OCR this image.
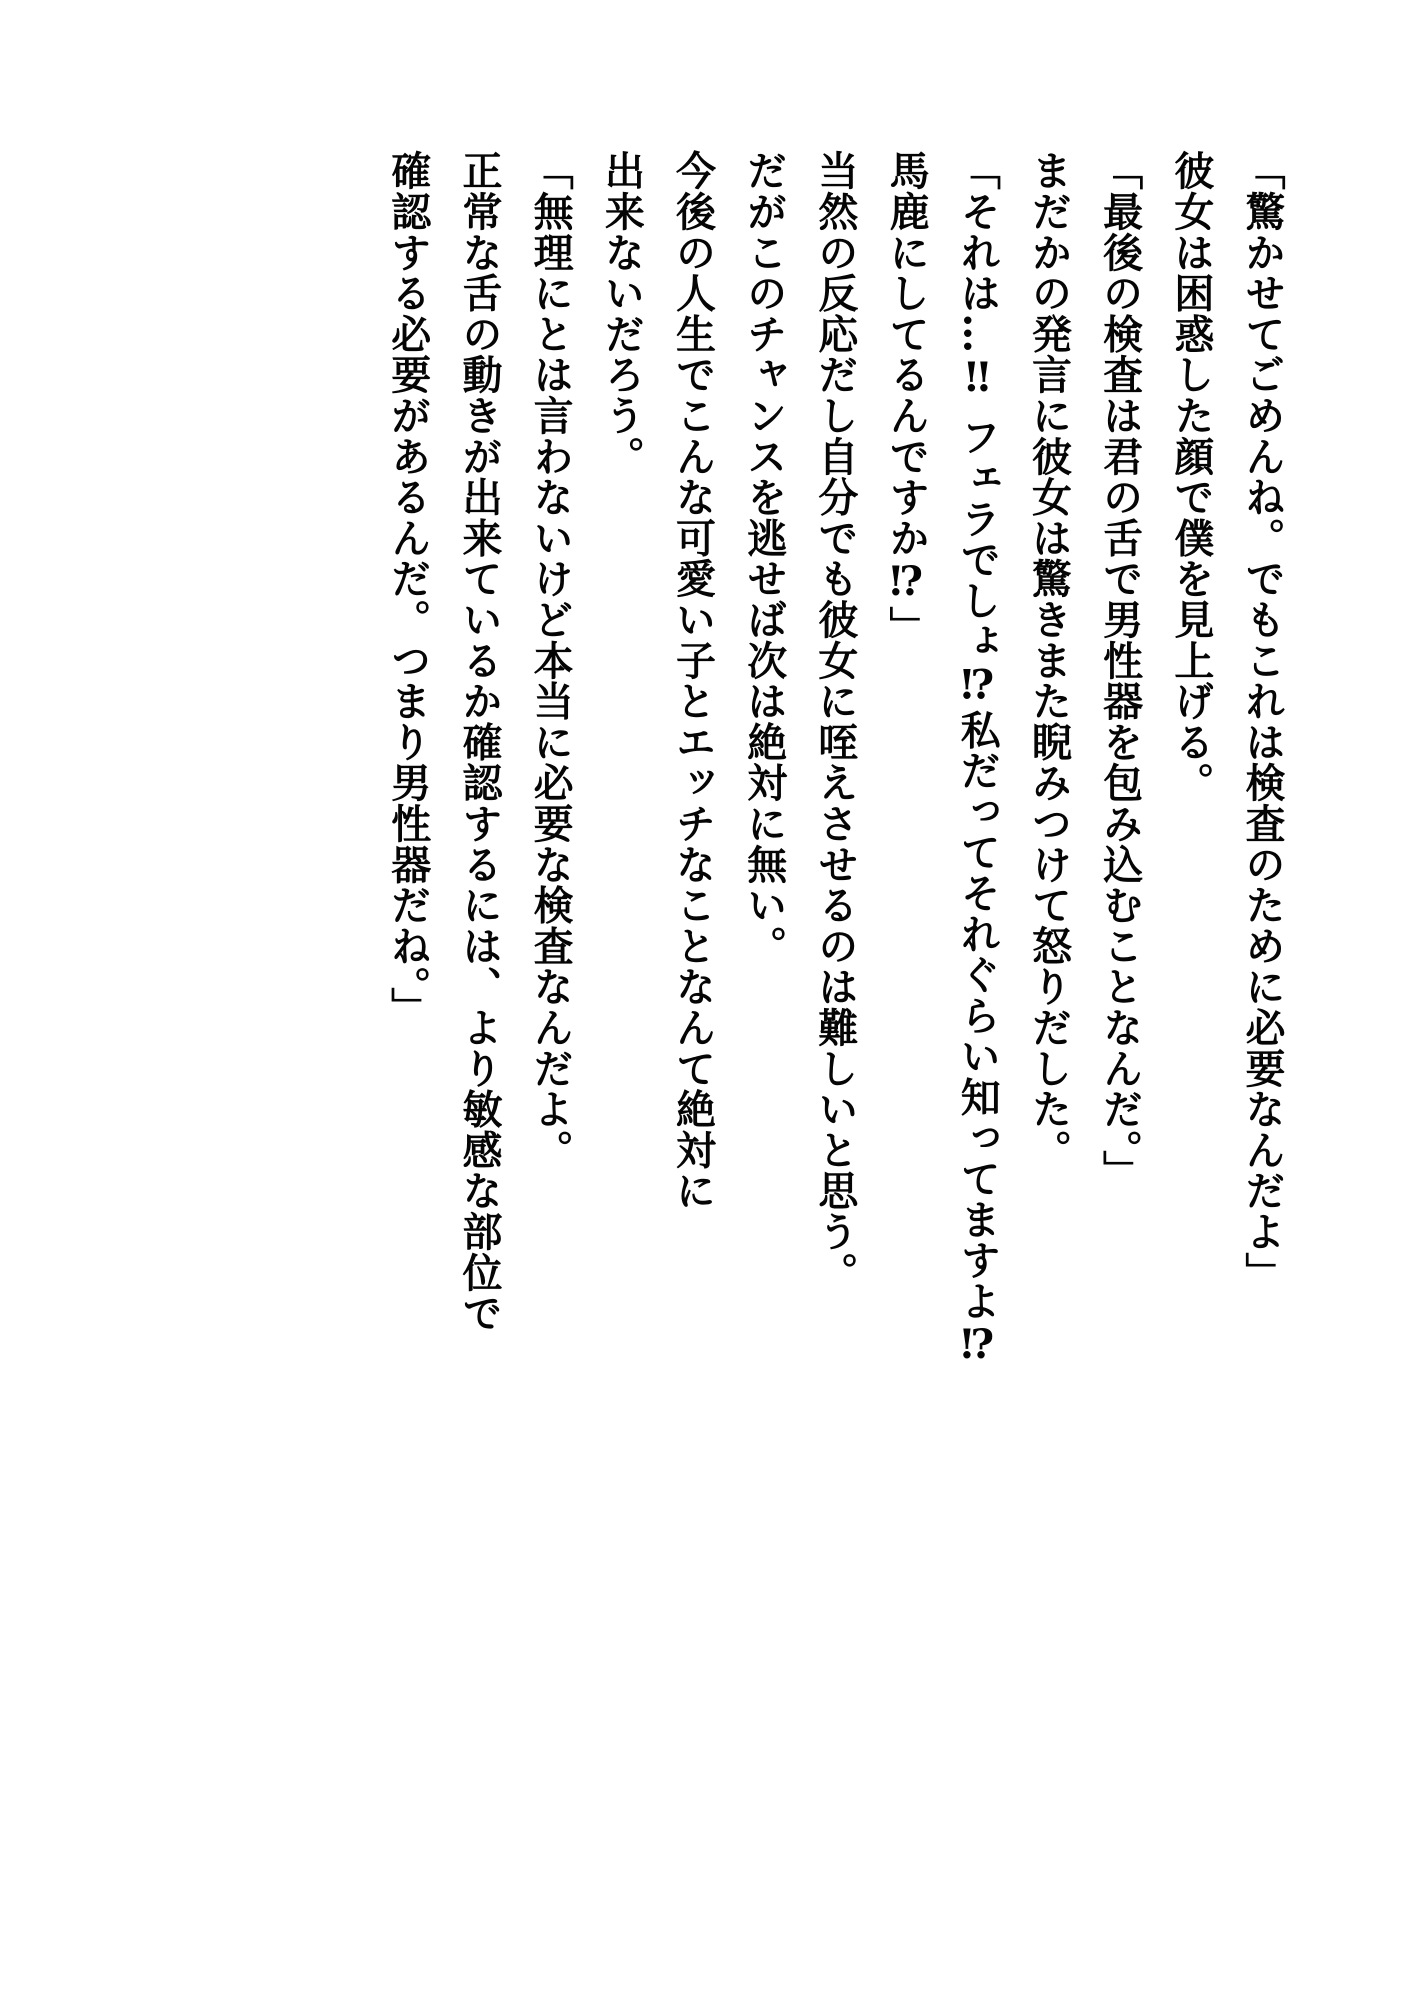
「驚かせてごめんね。でもこれは検査のために必要なんだよ」

彼女は困惑した顔で僕を見上げる。

「最後の検査は君の舌で男性器を包み込むことなんだ。」

まだかの発言に彼女は驚きまた睨みつけて怒りだした。

「それは…‼ フェラでしょ⁉私だってそれぐらい知ってますよ⁉

馬鹿にしてるんですか⁉」

当然の反応だし自分でも彼女に咥えさせるのは難しいと思う。

だがこのチャンスを逃せば次は絶対に無い。

今後の人生でこんな可愛い子とエッチなことなんて絶対に

出来ないだろう。

「無理にとは言わないけど本当に必要な検査なんだよ。

正常な舌の動きが出来ているか確認するには、より敏感な部位で

確認する必要があるんだ。つまり男性器だね。」
